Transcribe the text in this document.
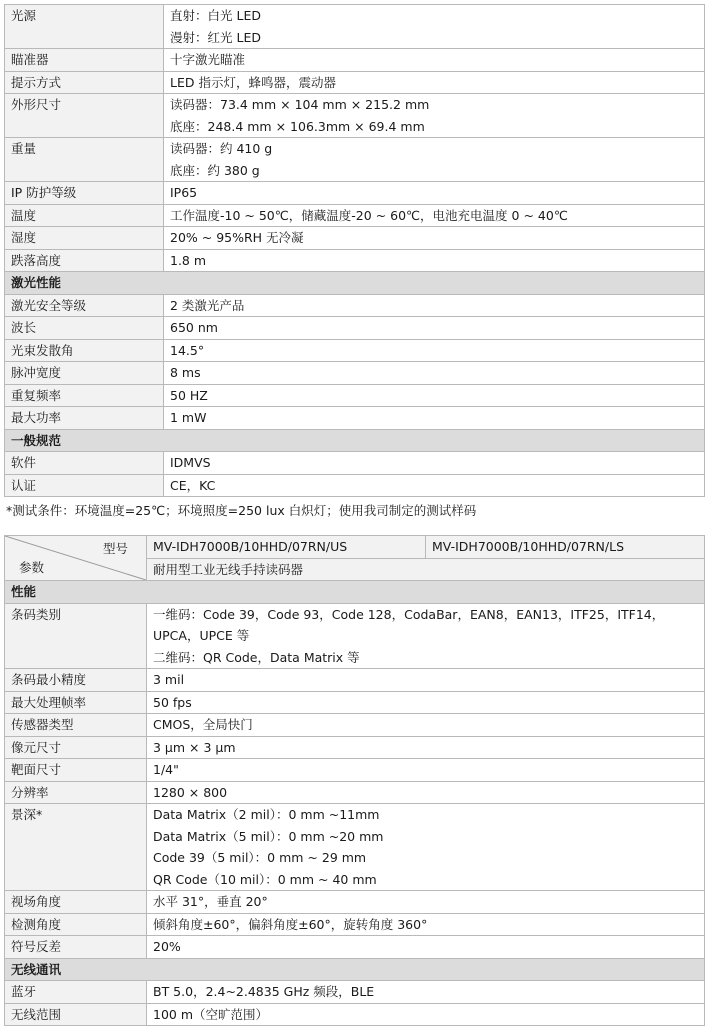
光源	直射：白光 LED
漫射：红光 LED

瞄准器	十字激光瞄准

提示方式	LED 指示灯，蜂鸣器，震动器

外形尺寸	读码器：73.4 mm × 104 mm × 215.2 mm
底座：248.4 mm × 106.3mm × 69.4 mm

重量	读码器：约 410 g
底座：约 380 g

IP 防护等级	IP65

温度	工作温度-10 ~ 50℃，储藏温度-20 ~ 60℃，电池充电温度 0 ~ 40℃

湿度	20% ~ 95%RH 无冷凝

跌落高度	1.8 m

激光性能	
激光安全等级	2 类激光产品

波长	650 nm

光束发散角	14.5°

脉冲宽度	8 ms

重复频率	50 HZ

最大功率	1 mW

一般规范	
软件	IDMVS

认证	CE，KC
*测试条件：环境温度=25℃；环境照度=250 lux 白炽灯；使用我司制定的测试样码
型号
参数	MV-IDH7000B/10HHD/07RN/US	MV-IDH7000B/10HHD/07RN/LS
	耐用型工业无线手持读码器	
性能		
条码类别	一维码：Code 39，Code 93，Code 128，CodaBar，EAN8，EAN13，ITF25，ITF14，
UPCA，UPCE 等
二维码：QR Code，Data Matrix 等	

条码最小精度	3 mil	

最大处理帧率	50 fps	

传感器类型	CMOS，全局快门	

像元尺寸	3 μm × 3 μm	

靶面尺寸	1/4"	

分辨率	1280 × 800	

景深*	Data Matrix（2 mil）：0 mm ~11mm
Data Matrix（5 mil）：0 mm ~20 mm
Code 39（5 mil）：0 mm ~ 29 mm
QR Code（10 mil）：0 mm ~ 40 mm	

视场角度	水平 31°，垂直 20°	

检测角度	倾斜角度±60°，偏斜角度±60°，旋转角度 360°	

符号反差	20%	

无线通讯		
蓝牙	BT 5.0，2.4~2.4835 GHz 频段，BLE	

无线范围	100 m（空旷范围）	
